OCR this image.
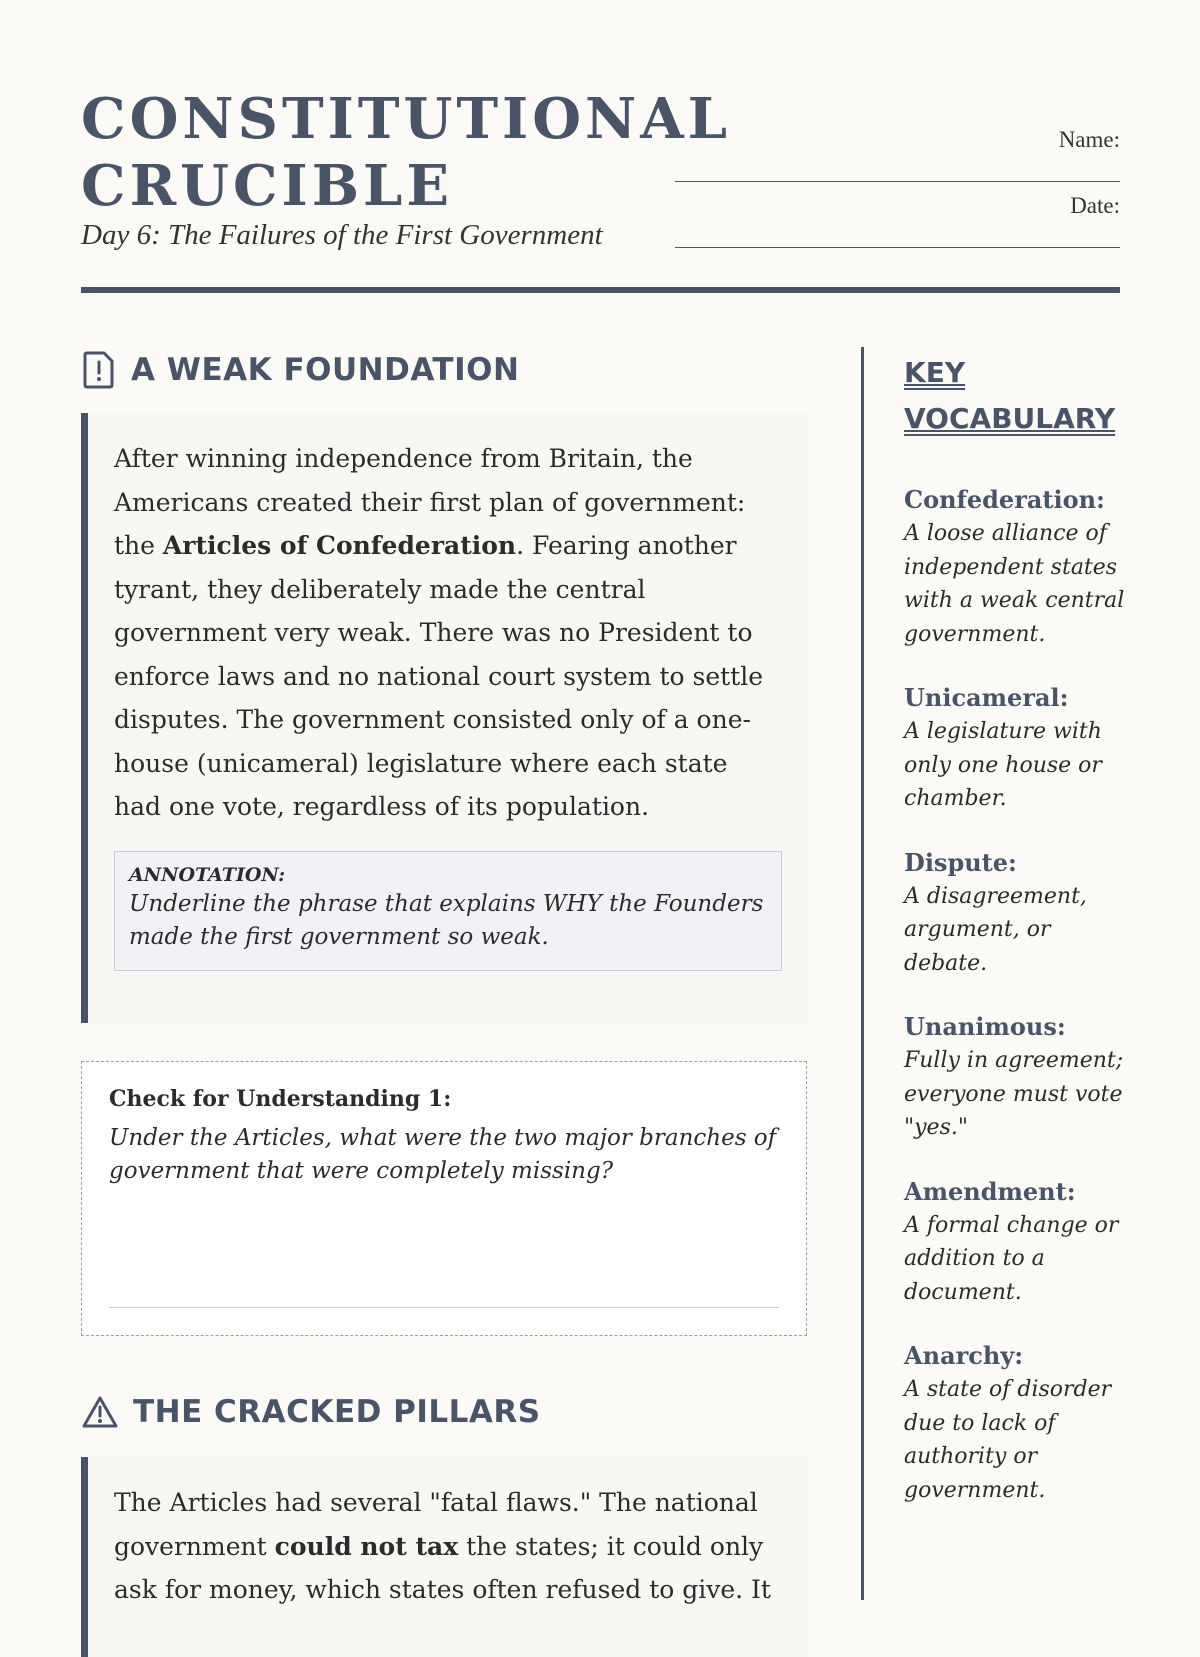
CONSTITUTIONAL
CRUCIBLE
Day 6: The Failures of the First Government
Name:
Date:
A WEAK FOUNDATION

After winning independence from Britain, the Americans created their first plan of government: the Articles of Confederation. Fearing another tyrant, they deliberately made the central government very weak. There was no President to enforce laws and no national court system to settle disputes. The government consisted only of a one-house (unicameral) legislature where each state had one vote, regardless of its population.

ANNOTATION:
Underline the phrase that explains WHY the Founders made the first government so weak.
Check for Understanding 1:
Under the Articles, what were the two major branches of government that were completely missing?
THE CRACKED PILLARS

The Articles had several "fatal flaws." The national government could not tax the states; it could only ask for money, which states often refused to give. It

KEY VOCABULARY
Confederation:
A loose alliance of independent states with a weak central government.
Unicameral:
A legislature with only one house or chamber.
Dispute:
A disagreement, argument, or debate.
Unanimous:
Fully in agreement; everyone must vote "yes."
Amendment:
A formal change or addition to a document.
Anarchy:
A state of disorder due to lack of authority or government.
